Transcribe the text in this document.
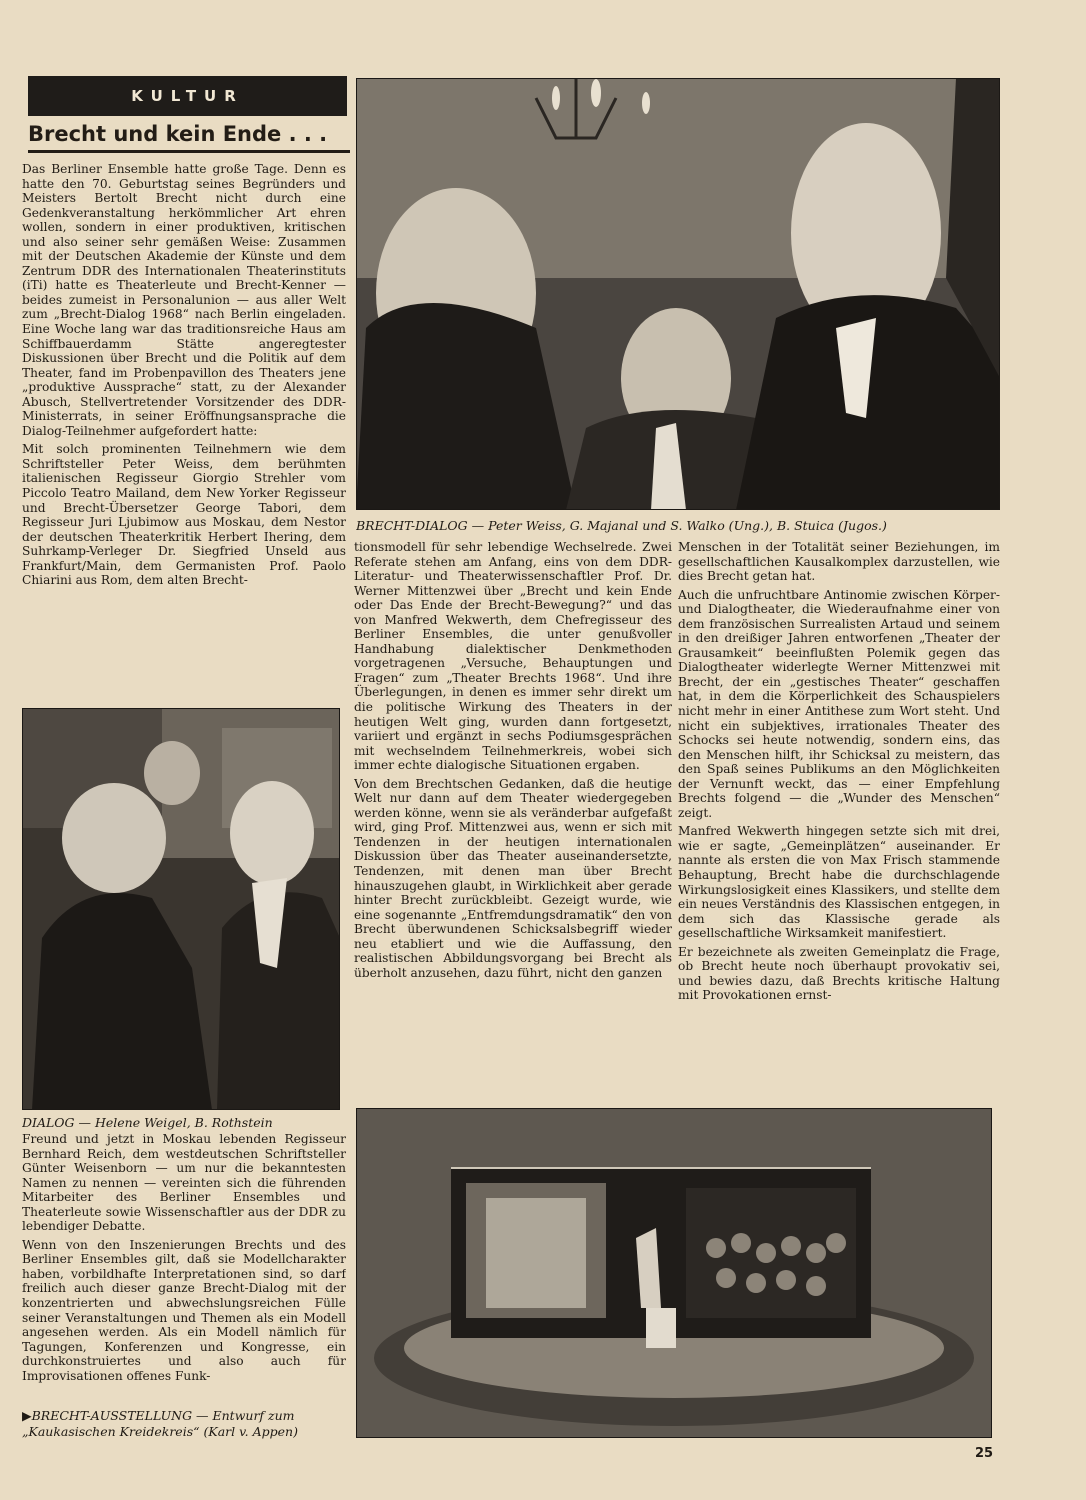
KULTUR
Brecht und kein Ende . . .

Das Berliner Ensemble hatte große Tage. Denn es hatte den 70. Geburtstag seines Begründers und Meisters Bertolt Brecht nicht durch eine Gedenkveranstaltung herkömmlicher Art ehren wollen, sondern in einer produktiven, kritischen und also seiner sehr gemäßen Weise: Zusammen mit der Deutschen Akademie der Künste und dem Zentrum DDR des Internationalen Theaterinstituts (iTi) hatte es Theaterleute und Brecht-Kenner — beides zumeist in Personalunion — aus aller Welt zum „Brecht-Dialog 1968“ nach Berlin eingeladen. Eine Woche lang war das traditionsreiche Haus am Schiffbauerdamm Stätte angeregtester Diskussionen über Brecht und die Politik auf dem Theater, fand im Probenpavillon des Theaters jene „produktive Aussprache“ statt, zu der Alexander Abusch, Stellvertretender Vorsitzender des DDR-Ministerrats, in seiner Eröffnungsansprache die Dialog-Teilnehmer aufgefordert hatte:

Mit solch prominenten Teilnehmern wie dem Schriftsteller Peter Weiss, dem berühmten italienischen Regisseur Giorgio Strehler vom Piccolo Teatro Mailand, dem New Yorker Regisseur und Brecht-Übersetzer George Tabori, dem Regisseur Juri Ljubimow aus Moskau, dem Nestor der deutschen Theaterkritik Herbert Ihering, dem Suhrkamp-Verleger Dr. Siegfried Unseld aus Frankfurt/Main, dem Germanisten Prof. Paolo Chiarini aus Rom, dem alten Brecht-

DIALOG — Helene Weigel, B. Rothstein

Freund und jetzt in Moskau lebenden Regisseur Bernhard Reich, dem westdeutschen Schriftsteller Günter Weisenborn — um nur die bekanntesten Namen zu nennen — vereinten sich die führenden Mitarbeiter des Berliner Ensembles und Theaterleute sowie Wissenschaftler aus der DDR zu lebendiger Debatte.

Wenn von den Inszenierungen Brechts und des Berliner Ensembles gilt, daß sie Modellcharakter haben, vorbildhafte Interpretationen sind, so darf freilich auch dieser ganze Brecht-Dialog mit der konzentrierten und abwechslungsreichen Fülle seiner Veranstaltungen und Themen als ein Modell angesehen werden. Als ein Modell nämlich für Tagungen, Konferenzen und Kongresse, ein durchkonstruiertes und also auch für Improvisationen offenes Funk-

▶BRECHT-AUSSTELLUNG — Entwurf zum
„Kaukasischen Kreidekreis“ (Karl v. Appen)
BRECHT-DIALOG — Peter Weiss, G. Majanal und S. Walko (Ung.), B. Stuica (Jugos.)

tionsmodell für sehr lebendige Wechselrede. Zwei Referate stehen am Anfang, eins von dem DDR-Literatur- und Theaterwissenschaftler Prof. Dr. Werner Mittenzwei über „Brecht und kein Ende oder Das Ende der Brecht-Bewegung?“ und das von Manfred Wekwerth, dem Chefregisseur des Berliner Ensembles, die unter genußvoller Handhabung dialektischer Denkmethoden vorgetragenen „Versuche, Behauptungen und Fragen“ zum „Theater Brechts 1968“. Und ihre Überlegungen, in denen es immer sehr direkt um die politische Wirkung des Theaters in der heutigen Welt ging, wurden dann fortgesetzt, variiert und ergänzt in sechs Podiumsgesprächen mit wechselndem Teilnehmerkreis, wobei sich immer echte dialogische Situationen ergaben.

Von dem Brechtschen Gedanken, daß die heutige Welt nur dann auf dem Theater wiedergegeben werden könne, wenn sie als veränderbar aufgefaßt wird, ging Prof. Mittenzwei aus, wenn er sich mit Tendenzen in der heutigen internationalen Diskussion über das Theater auseinandersetzte, Tendenzen, mit denen man über Brecht hinauszugehen glaubt, in Wirklichkeit aber gerade hinter Brecht zurückbleibt. Gezeigt wurde, wie eine sogenannte „Entfremdungsdramatik“ den von Brecht überwundenen Schicksalsbegriff wieder neu etabliert und wie die Auffassung, den realistischen Abbildungsvorgang bei Brecht als überholt anzusehen, dazu führt, nicht den ganzen

Menschen in der Totalität seiner Beziehungen, im gesellschaftlichen Kausalkomplex darzustellen, wie dies Brecht getan hat.

Auch die unfruchtbare Antinomie zwischen Körper- und Dialogtheater, die Wiederaufnahme einer von dem französischen Surrealisten Artaud und seinem in den dreißiger Jahren entworfenen „Theater der Grausamkeit“ beeinflußten Polemik gegen das Dialogtheater widerlegte Werner Mittenzwei mit Brecht, der ein „gestisches Theater“ geschaffen hat, in dem die Körperlichkeit des Schauspielers nicht mehr in einer Antithese zum Wort steht. Und nicht ein subjektives, irrationales Theater des Schocks sei heute notwendig, sondern eins, das den Menschen hilft, ihr Schicksal zu meistern, das den Spaß seines Publikums an den Möglichkeiten der Vernunft weckt, das — einer Empfehlung Brechts folgend — die „Wunder des Menschen“ zeigt.

Manfred Wekwerth hingegen setzte sich mit drei, wie er sagte, „Gemeinplätzen“ auseinander. Er nannte als ersten die von Max Frisch stammende Behauptung, Brecht habe die durchschlagende Wirkungslosigkeit eines Klassikers, und stellte dem ein neues Verständnis des Klassischen entgegen, in dem sich das Klassische gerade als gesellschaftliche Wirksamkeit manifestiert.

Er bezeichnete als zweiten Gemeinplatz die Frage, ob Brecht heute noch überhaupt provokativ sei, und bewies dazu, daß Brechts kritische Haltung mit Provokationen ernst-

25
